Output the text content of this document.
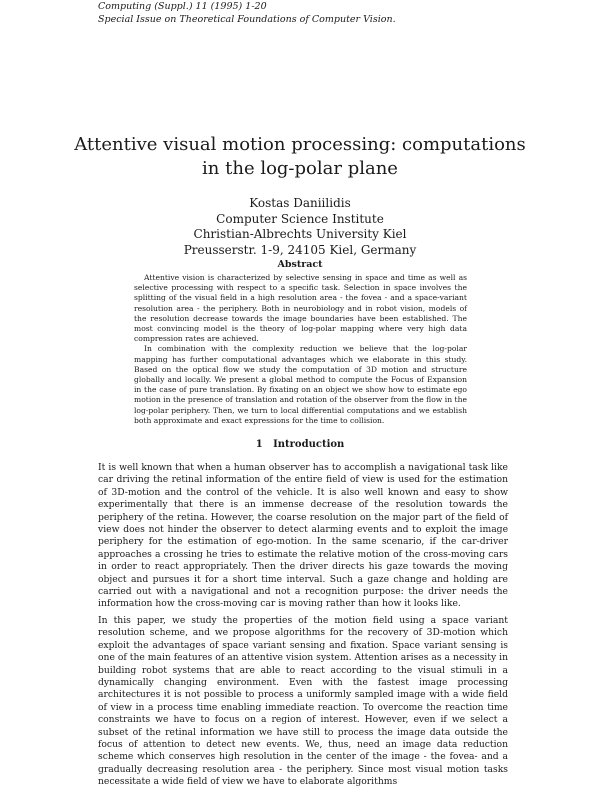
Computing (Suppl.) 11 (1995) 1-20
Special Issue on Theoretical Foundations of Computer Vision.
Attentive visual motion processing: computations
in the log-polar plane
Kostas Daniilidis
Computer Science Institute
Christian-Albrechts University Kiel
Preusserstr. 1-9, 24105 Kiel, Germany
Abstract

Attentive vision is characterized by selective sensing in space and time as well as selective processing with respect to a specific task. Selection in space involves the splitting of the visual field in a high resolution area - the fovea - and a space-variant resolution area - the periphery. Both in neurobiology and in robot vision, models of the resolution decrease towards the image boundaries have been established. The most convincing model is the theory of log-polar mapping where very high data compression rates are achieved.

In combination with the complexity reduction we believe that the log-polar mapping has further computational advantages which we elaborate in this study. Based on the optical flow we study the computation of 3D motion and structure globally and locally. We present a global method to compute the Focus of Expansion in the case of pure translation. By fixating on an object we show how to estimate ego motion in the presence of translation and rotation of the observer from the flow in the log-polar periphery. Then, we turn to local differential computations and we establish both approximate and exact expressions for the time to collision.

1   Introduction

It is well known that when a human observer has to accomplish a navigational task like car driving the retinal information of the entire field of view is used for the estimation of 3D-motion and the control of the vehicle. It is also well known and easy to show experimentally that there is an immense decrease of the resolution towards the periphery of the retina. However, the coarse resolution on the major part of the field of view does not hinder the observer to detect alarming events and to exploit the image periphery for the estimation of ego-motion. In the same scenario, if the car-driver approaches a crossing he tries to estimate the relative motion of the cross-moving cars in order to react appropriately. Then the driver directs his gaze towards the moving object and pursues it for a short time interval. Such a gaze change and holding are carried out with a navigational and not a recognition purpose: the driver needs the information how the cross-moving car is moving rather than how it looks like.

In this paper, we study the properties of the motion field using a space variant resolution scheme, and we propose algorithms for the recovery of 3D-motion which exploit the advantages of space variant sensing and fixation. Space variant sensing is one of the main features of an attentive vision system. Attention arises as a necessity in building robot systems that are able to react according to the visual stimuli in a dynamically changing environment. Even with the fastest image processing architectures it is not possible to process a uniformly sampled image with a wide field of view in a process time enabling immediate reaction. To overcome the reaction time constraints we have to focus on a region of interest. However, even if we select a subset of the retinal information we have still to process the image data outside the focus of attention to detect new events. We, thus, need an image data reduction scheme which conserves high resolution in the center of the image - the fovea- and a gradually decreasing resolution area - the periphery. Since most visual motion tasks necessitate a wide field of view we have to elaborate algorithms
